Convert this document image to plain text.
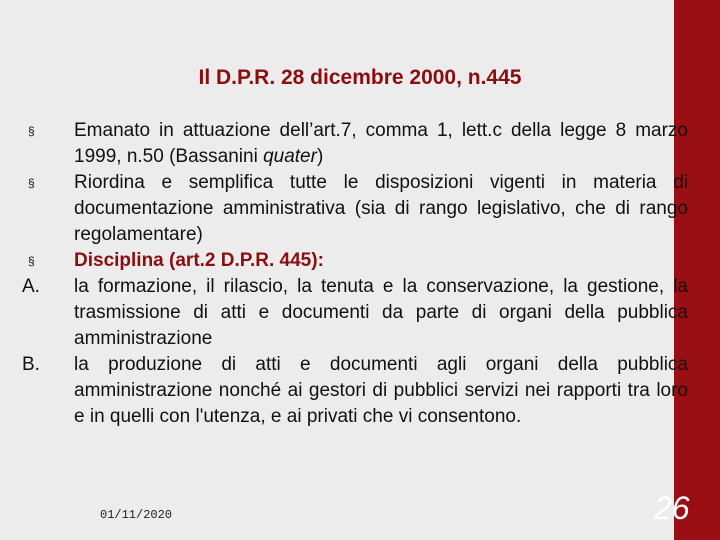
Il D.P.R. 28 dicembre 2000, n.445
§	Emanato in attuazione dell’art.7, comma 1, lett.c della legge 8 marzo 1999, n.50 (Bassanini quater)
§	Riordina e semplifica tutte le disposizioni vigenti in materia di documentazione amministrativa (sia di rango legislativo, che di rango regolamentare)
§	Disciplina (art.2 D.P.R. 445):
A.	la formazione, il rilascio, la tenuta e la conservazione, la gestione, la trasmissione di atti e documenti da parte di organi della pubblica amministrazione
B.	la produzione di atti e documenti agli organi della pubblica amministrazione nonché ai gestori di pubblici servizi nei rapporti tra loro e in quelli con l'utenza, e ai privati che vi consentono.
01/11/2020	26
